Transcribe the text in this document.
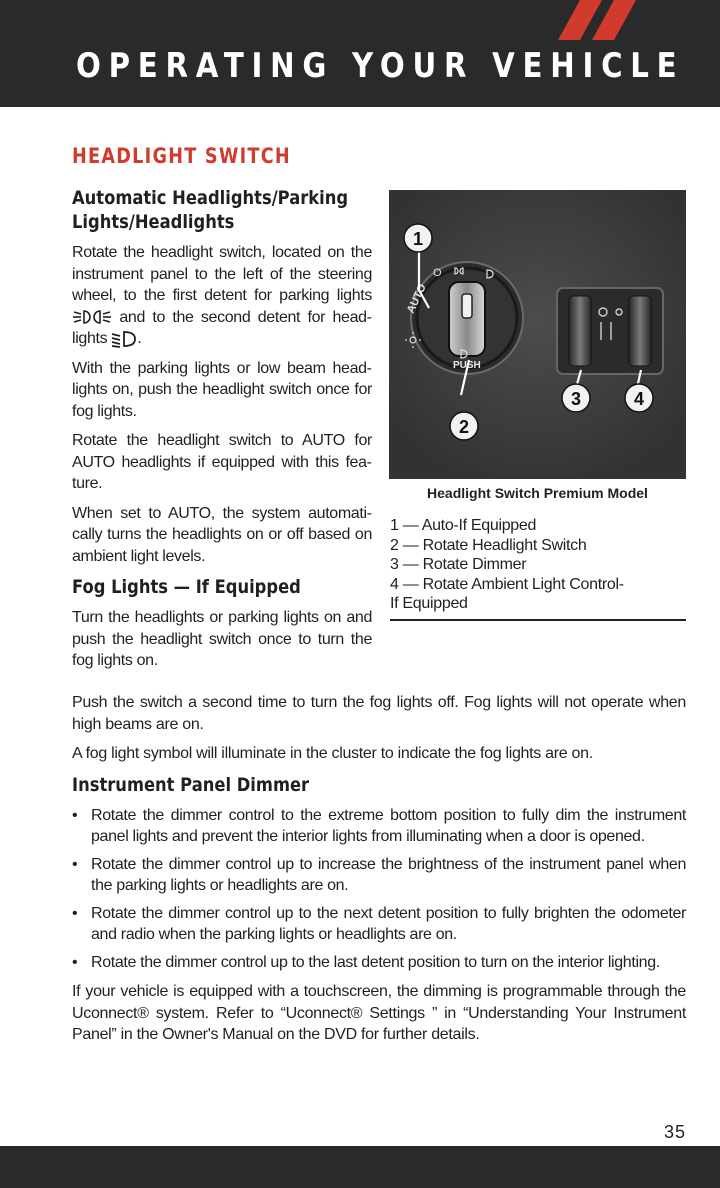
OPERATING YOUR VEHICLE
HEADLIGHT SWITCH
Automatic Headlights/Parking Lights/Headlights

Rotate the headlight switch, located on the instrument panel to the left of the steering wheel, to the first detent for parking lights  and to the second detent for headlights .

With the parking lights or low beam headlights on, push the headlight switch once for fog lights.

Rotate the headlight switch to AUTO for AUTO headlights if equipped with this feature.

When set to AUTO, the system automatically turns the headlights on or off based on ambient light levels.

Fog Lights — If Equipped

Turn the headlights or parking lights on and push the headlight switch once to turn the fog lights on.

AUTO
O
PUSH
1
2
3	4
Headlight Switch Premium Model
1 — Auto-If Equipped
2 — Rotate Headlight Switch
3 — Rotate Dimmer
4 — Rotate Ambient Light Control-
If Equipped

Push the switch a second time to turn the fog lights off. Fog lights will not operate when high beams are on.

A fog light symbol will illuminate in the cluster to indicate the fog lights are on.

Instrument Panel Dimmer
• Rotate the dimmer control to the extreme bottom position to fully dim the instrument panel lights and prevent the interior lights from illuminating when a door is opened.
• Rotate the dimmer control up to increase the brightness of the instrument panel when the parking lights or headlights are on.
• Rotate the dimmer control up to the next detent position to fully brighten the odometer and radio when the parking lights or headlights are on.
• Rotate the dimmer control up to the last detent position to turn on the interior lighting.

If your vehicle is equipped with a touchscreen, the dimming is programmable through the Uconnect® system. Refer to “Uconnect® Settings ” in “Understanding Your Instrument Panel” in the Owner's Manual on the DVD for further details.

35
